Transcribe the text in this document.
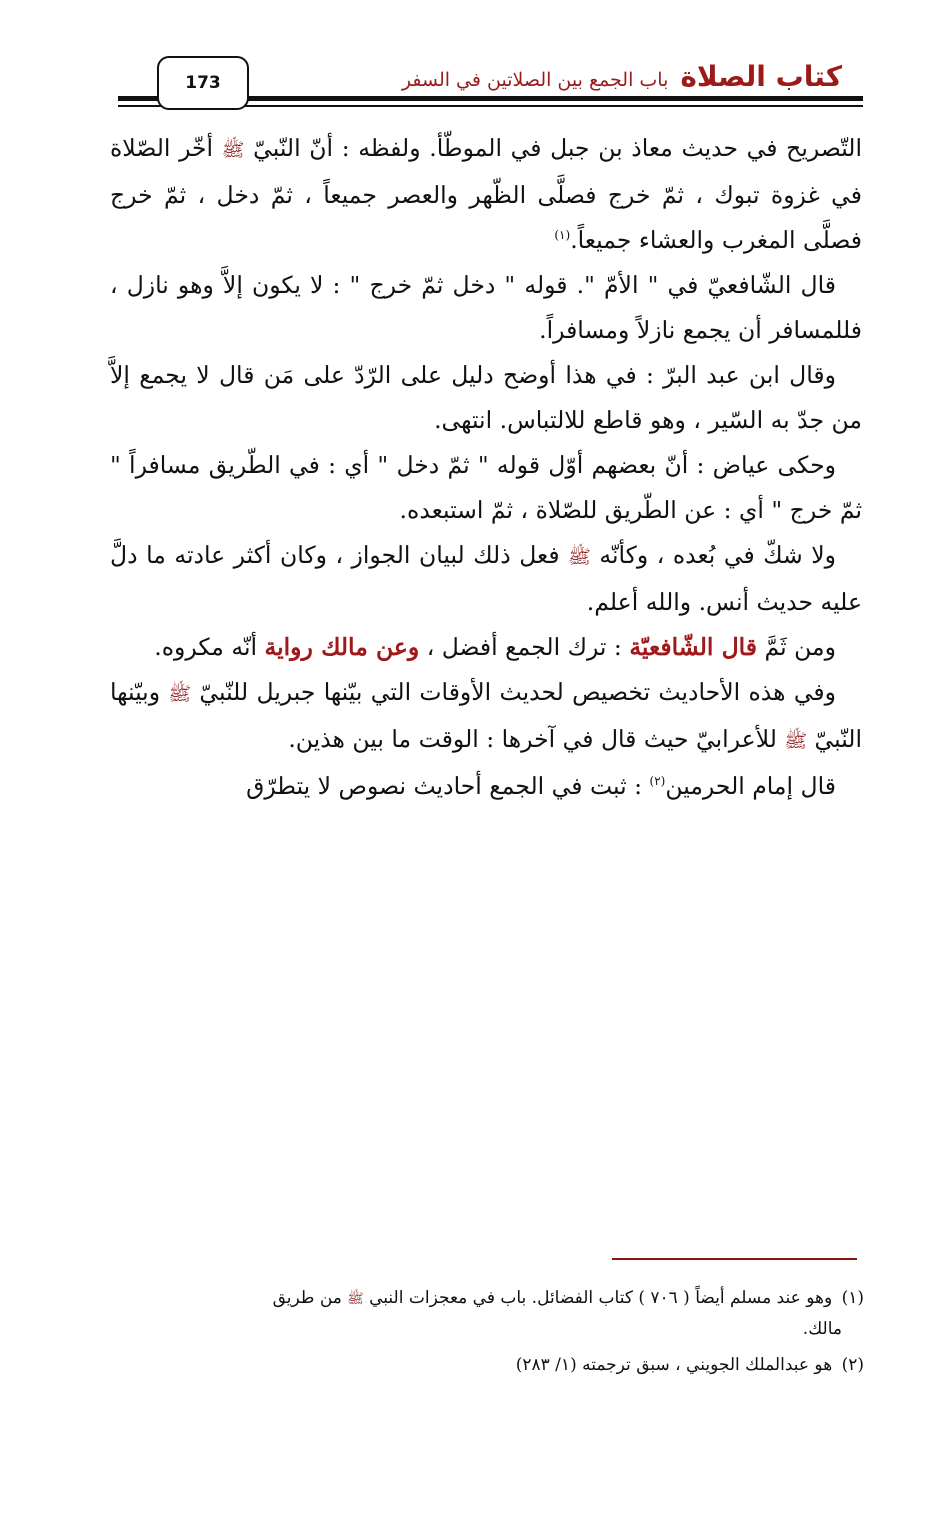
كتاب الصلاة
باب الجمع بين الصلاتين في السفر
173

التّصريح في حديث معاذ بن جبل في الموطّأ. ولفظه : أنّ النّبيّ ﷺ أخّر الصّلاة في غزوة تبوك ، ثمّ خرج فصلَّى الظّهر والعصر جميعاً ، ثمّ دخل ، ثمّ خرج فصلَّى المغرب والعشاء جميعاً.$^{(١)}$

قال الشّافعيّ في " الأمّ ". قوله " دخل ثمّ خرج " : لا يكون إلاَّ وهو نازل ، فللمسافر أن يجمع نازلاً ومسافراً.

وقال ابن عبد البرّ : في هذا أوضح دليل على الرّدّ على مَن قال لا يجمع إلاَّ من جدّ به السّير ، وهو قاطع للالتباس. انتهى.

وحكى عياض : أنّ بعضهم أوّل قوله " ثمّ دخل " أي : في الطّريق مسافراً " ثمّ خرج " أي : عن الطّريق للصّلاة ، ثمّ استبعده.

ولا شكّ في بُعده ، وكأنّه ﷺ فعل ذلك لبيان الجواز ، وكان أكثر عادته ما دلَّ عليه حديث أنس. والله أعلم.

ومن ثَمَّ قال الشّافعيّة : ترك الجمع أفضل ، وعن مالك رواية أنّه مكروه.

وفي هذه الأحاديث تخصيص لحديث الأوقات التي بيّنها جبريل للنّبيّ ﷺ وبيّنها النّبيّ ﷺ للأعرابيّ حيث قال في آخرها : الوقت ما بين هذين.

قال إمام الحرمين$^{(٢)}$ : ثبت في الجمع أحاديث نصوص لا يتطرّق

(١) وهو عند مسلم أيضاً ( ٧٠٦ ) كتاب الفضائل. باب في معجزات النبي ﷺ من طريق
مالك.

(٢) هو عبدالملك الجويني ، سبق ترجمته (١/ ٢٨٣)
